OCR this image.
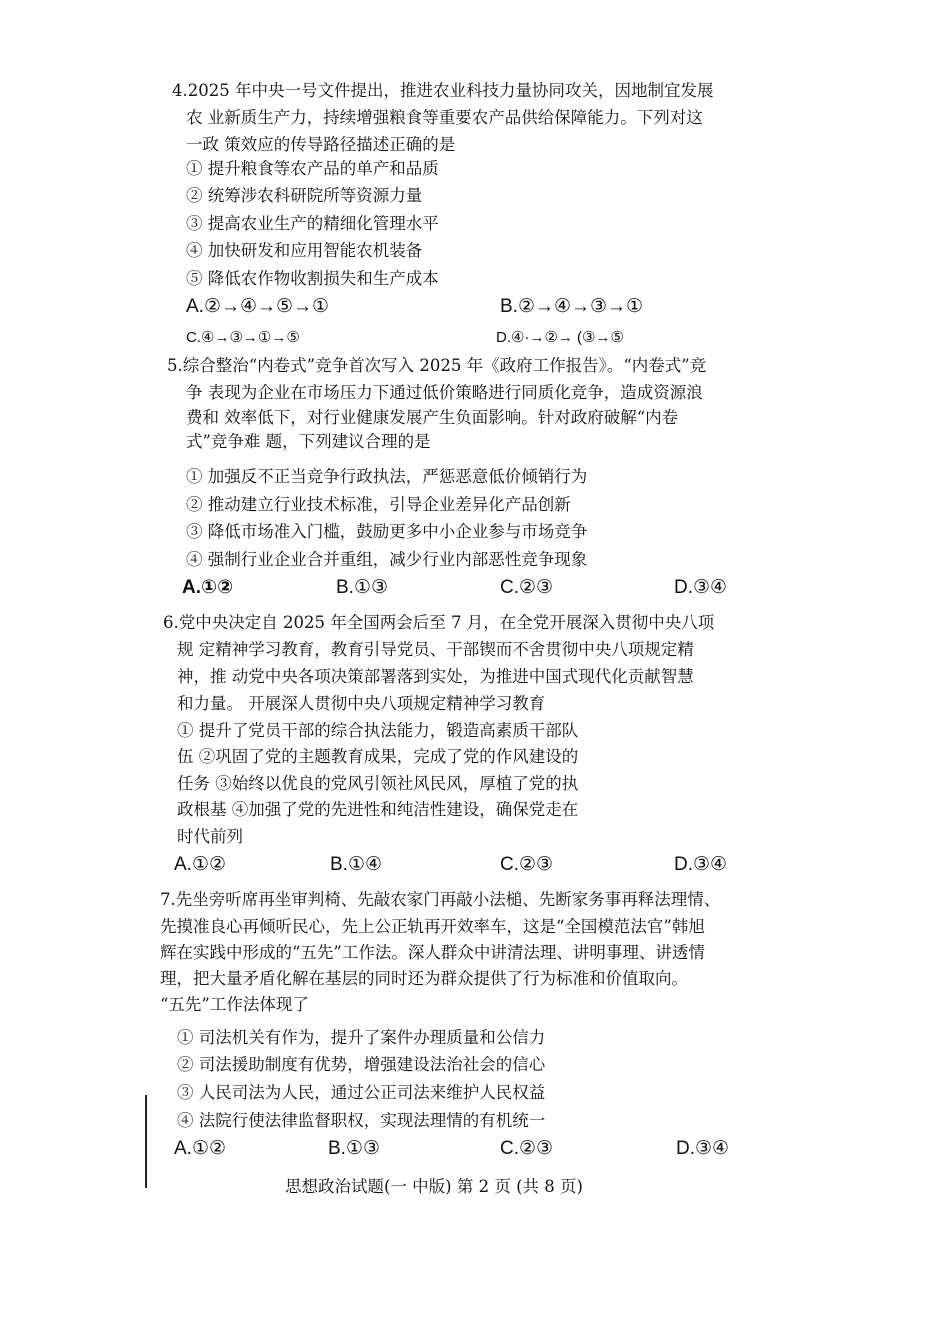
4.2025 年中央一号文件提出，推进农业科技力量协同攻关，因地制宜发展
农 业新质生产力，持续增强粮食等重要农产品供给保障能力。下列对这
一政 策效应的传导路径描述正确的是
① 提升粮食等农产品的单产和品质
② 统筹涉农科研院所等资源力量
③ 提高农业生产的精细化管理水平
④ 加快研发和应用智能农机装备
⑤ 降低农作物收割损失和生产成本
A.②→④→⑤→①	B.②→④→③→①
C.④→③→①→⑤	D.④·→②→ (③→⑤
5.综合整治“内卷式”竞争首次写入 2025 年《政府工作报告》。“内卷式”竞
争 表现为企业在市场压力下通过低价策略进行同质化竞争，造成资源浪
费和 效率低下，对行业健康发展产生负面影响。针对政府破解“内卷
式”竞争难 题，下列建议合理的是
① 加强反不正当竞争行政执法，严惩恶意低价倾销行为
② 推动建立行业技术标准，引导企业差异化产品创新
③ 降低市场准入门槛，鼓励更多中小企业参与市场竞争
④ 强制行业企业合并重组，减少行业内部恶性竞争现象
A.①②	B.①③	C.②③	D.③④
6.党中央决定自 2025 年全国两会后至 7 月，在全党开展深入贯彻中央八项
规 定精神学习教育，教育引导党员、干部锲而不舍贯彻中央八项规定精
神，推 动党中央各项决策部署落到实处，为推进中国式现代化贡献智慧
和力量。 开展深人贯彻中央八项规定精神学习教育
① 提升了党员干部的综合执法能力，锻造高素质干部队
伍 ②巩固了党的主题教育成果，完成了党的作风建设的
任务 ③始终以优良的党风引领社风民风，厚植了党的执
政根基 ④加强了党的先进性和纯洁性建设，确保党走在
时代前列
A.①②	B.①④	C.②③	D.③④
7.先坐旁听席再坐审判椅、先敲农家门再敲小法槌、先断家务事再释法理情、
先摸准良心再倾听民心，先上公正轨再开效率车，这是“全国模范法官”韩旭
辉在实践中形成的“五先”工作法。深人群众中讲清法理、讲明事理、讲透情
理，把大量矛盾化解在基层的同时还为群众提供了行为标准和价值取向。
“五先”工作法体现了
① 司法机关有作为，提升了案件办理质量和公信力
② 司法援助制度有优势，增强建设法治社会的信心
③ 人民司法为人民，通过公正司法来维护人民权益
④ 法院行使法律监督职权，实现法理情的有机统一
A.①②	B.①③	C.②③	D.③④
思想政治试题(一 中版) 第 2 页 (共 8 页)
